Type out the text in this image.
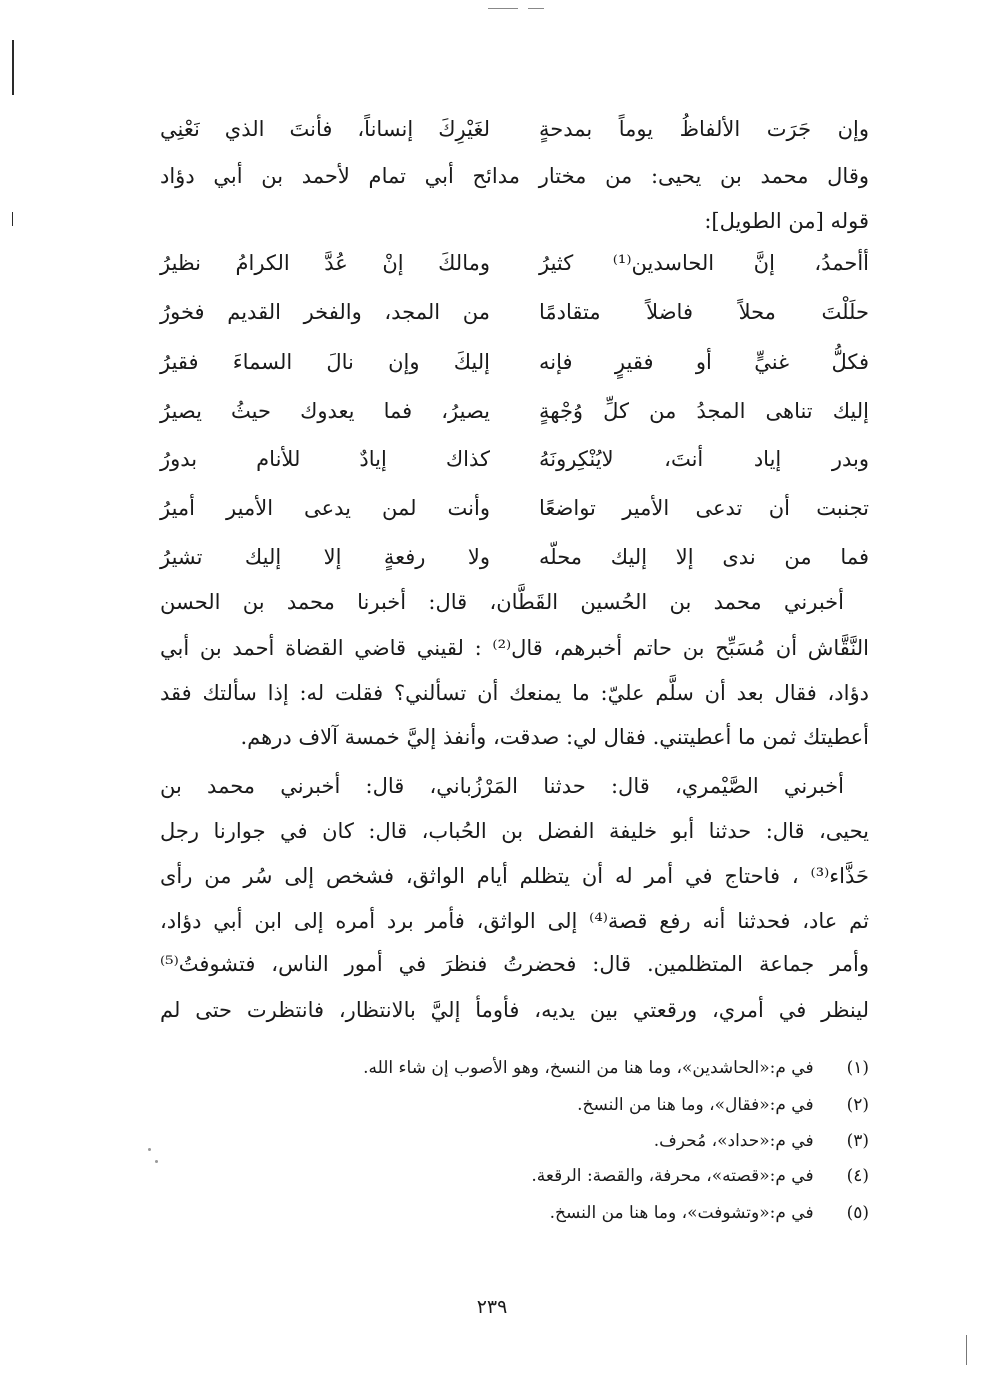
وإن جَرَت الألفاظُ يوماً بمدحةٍ
لغَيْرِكَ إنساناً، فأنتَ الذي نَعْنِي
وقال محمد بن يحيى: من مختار مدائح أبي تمام لأحمد بن أبي دؤاد
قوله [من الطويل]:
أأحمدُ، إنَّ الحاسدين⁽¹⁾ كثيرُ
ومالكَ إنْ عُدَّ الكرامُ نظيرُ
حلَلْتَ محلاً فاضلاً متقادمًا
من المجد، والفخر القديم فخورُ
فكلُّ غنيٍّ أو فقيرٍ فإنه
إليكَ وإن نالَ السماءَ فقيرُ
إليك تناهى المجدُ من كلِّ وُجْهةٍ
يصيرُ، فما يعدوك حيثُ يصيرُ
وبدر إياد أنتَ، لايُنْكِرونَهُ
كذاك إيادٌ للأنام بدورُ
تجنبت أن تدعى الأمير تواضعًا
وأنت لمن يدعى الأمير أميرُ
فما من ندى إلا إليك محلّه
ولا رفعةٍ إلا إليك تشيرُ
أخبرني محمد بن الحُسين القَطَّان، قال: أخبرنا محمد بن الحسن
النَّقَّاش أن مُسَبِّح بن حاتم أخبرهم، قال⁽²⁾ : لقيني قاضي القضاة أحمد بن أبي
دؤاد، فقال بعد أن سلَّم عليّ: ما يمنعك أن تسألني؟ فقلت له: إذا سألتك فقد
أعطيتك ثمن ما أعطيتني. فقال لي: صدقت، وأنفذ إليَّ خمسة آلاف درهم.
أخبرني الصَّيْمري، قال: حدثنا المَرْزُباني، قال: أخبرني محمد بن
يحيى، قال: حدثنا أبو خليفة الفضل بن الحُباب، قال: كان في جوارنا رجل
حَذَّاء⁽³⁾ ، فاحتاج في أمر له أن يتظلم أيام الواثق، فشخص إلى سُر من رأى
ثم عاد، فحدثنا أنه رفع قصة⁽⁴⁾ إلى الواثق، فأمر برد أمره إلى ابن أبي دؤاد،
وأمر جماعة المتظلمين. قال: فحضرتُ فنظرَ في أمور الناس، فتشوفتُ⁽⁵⁾
لينظر في أمري، ورقعتي بين يديه، فأومأ إليَّ بالانتظار، فانتظرت حتى لم
(١) في م:«الحاشدين»، وما هنا من النسخ، وهو الأصوب إن شاء الله.
(٢) في م:«فقال»، وما هنا من النسخ.
(٣) في م:«حداد»، مُحرف.
(٤) في م:«قصته»، محرفة، والقصة: الرقعة.
(٥) في م:«وتشوفت»، وما هنا من النسخ.
٢٣٩
